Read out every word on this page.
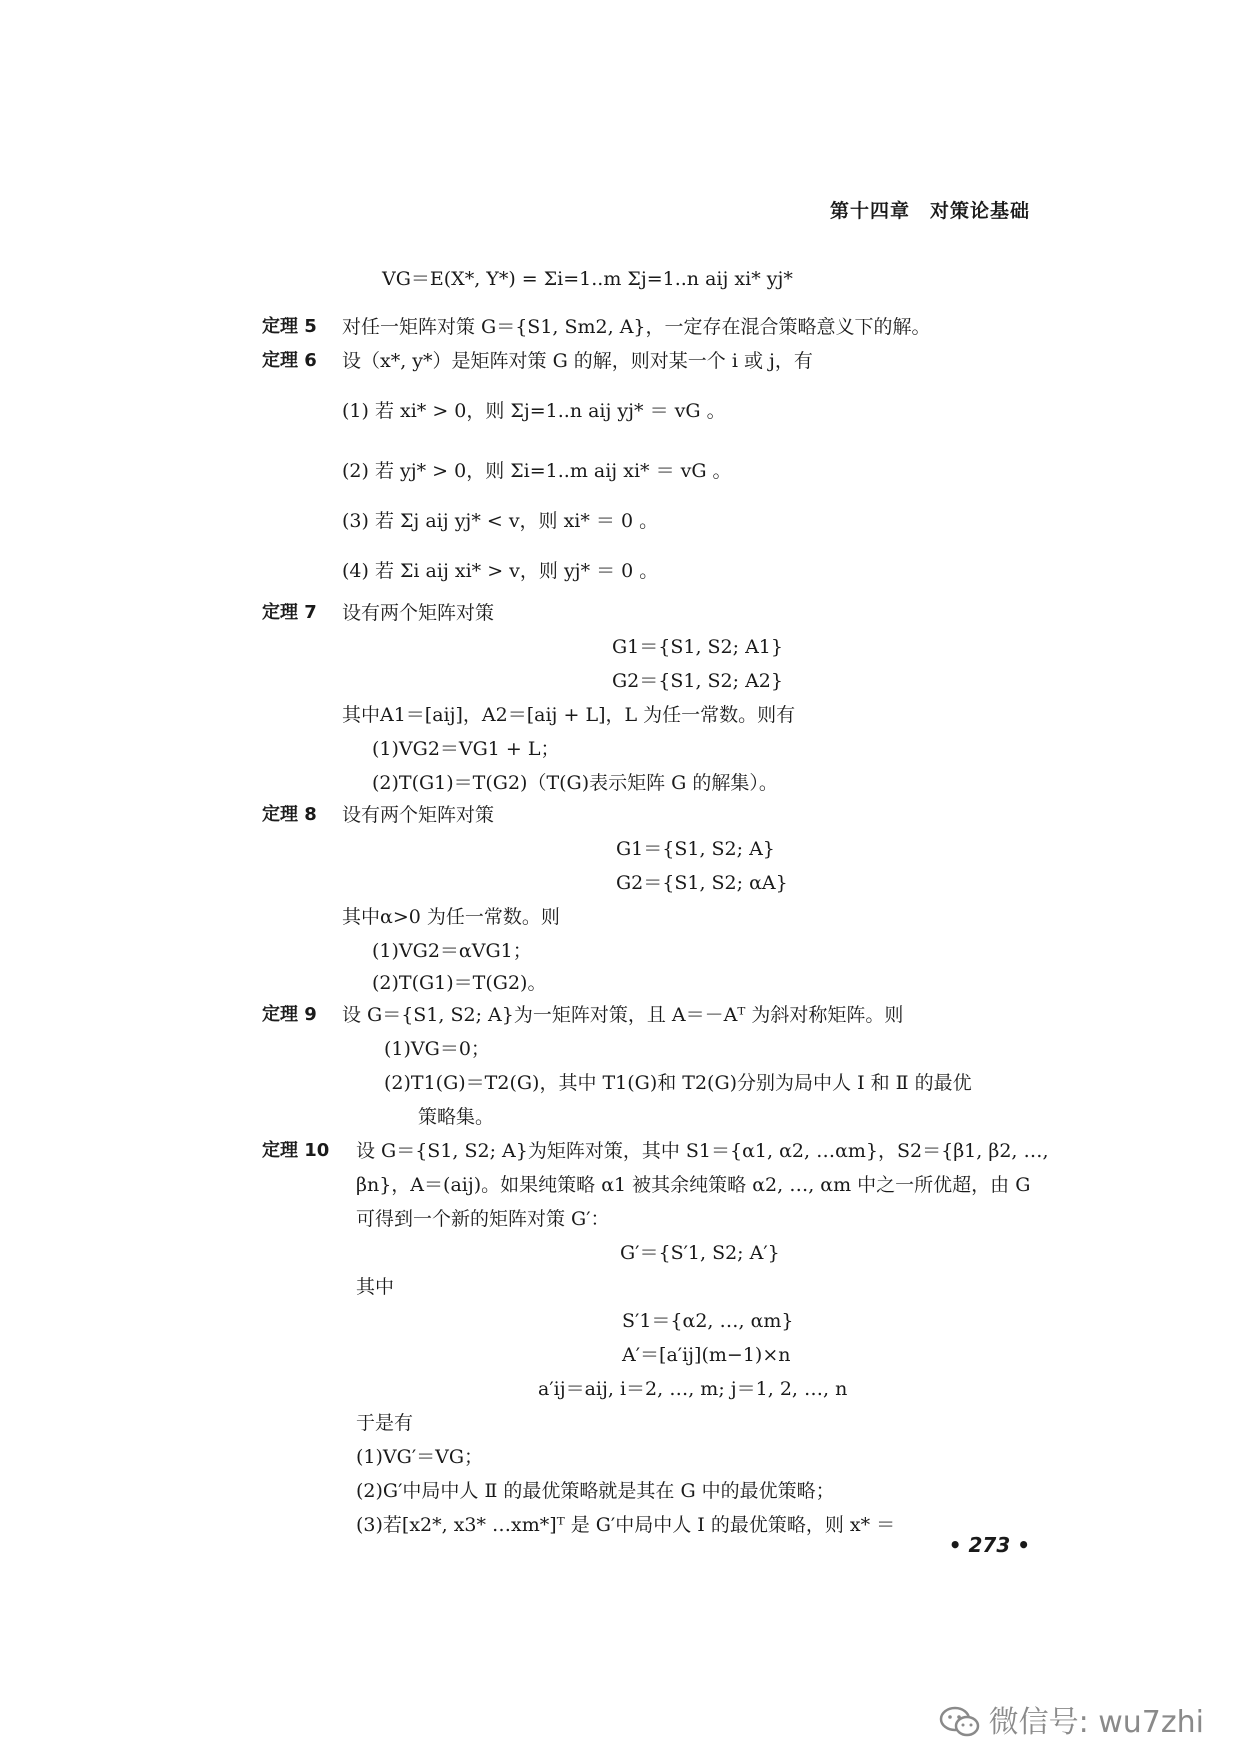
第十四章　对策论基础
VG＝E(X*, Y*) = Σi=1..m Σj=1..n aij xi* yj*
定理 5 对任一矩阵对策 G＝{S1, Sm2, A}，一定存在混合策略意义下的解。
定理 6 设（x*, y*）是矩阵对策 G 的解，则对某一个 i 或 j，有
(1) 若 xi* > 0，则 Σj=1..n aij yj* ＝ vG 。
(2) 若 yj* > 0，则 Σi=1..m aij xi* ＝ vG 。
(3) 若 Σj aij yj* < v，则 xi* ＝ 0 。
(4) 若 Σi aij xi* > v，则 yj* ＝ 0 。
定理 7 设有两个矩阵对策
G1＝{S1, S2; A1}
G2＝{S1, S2; A2}
其中A1＝[aij]，A2＝[aij + L]，L 为任一常数。则有
(1)VG2＝VG1 + L；
(2)T(G1)＝T(G2)（T(G)表示矩阵 G 的解集）。
定理 8 设有两个矩阵对策
G1＝{S1, S2; A}
G2＝{S1, S2; αA}
其中α>0 为任一常数。则
(1)VG2＝αVG1；
(2)T(G1)＝T(G2)。
定理 9 设 G＝{S1, S2; A}为一矩阵对策，且 A＝－Aᵀ 为斜对称矩阵。则
(1)VG＝0；
(2)T1(G)＝T2(G)，其中 T1(G)和 T2(G)分别为局中人 Ⅰ 和 Ⅱ 的最优
策略集。
定理 10 设 G＝{S1, S2; A}为矩阵对策，其中 S1＝{α1, α2, …αm}，S2＝{β1, β2, …,
βn}，A＝(aij)。如果纯策略 α1 被其余纯策略 α2, …, αm 中之一所优超，由 G
可得到一个新的矩阵对策 G′：
G′＝{S′1, S2; A′}
其中
S′1＝{α2, …, αm}
A′＝[a′ij](m−1)×n
a′ij＝aij, i＝2, …, m; j＝1, 2, …, n
于是有
(1)VG′＝VG；
(2)G′中局中人 Ⅱ 的最优策略就是其在 G 中的最优策略；
(3)若[x2*, x3* …xm*]ᵀ 是 G′中局中人 Ⅰ 的最优策略，则 x* ＝
• 273 •
微信号: wu7zhi
